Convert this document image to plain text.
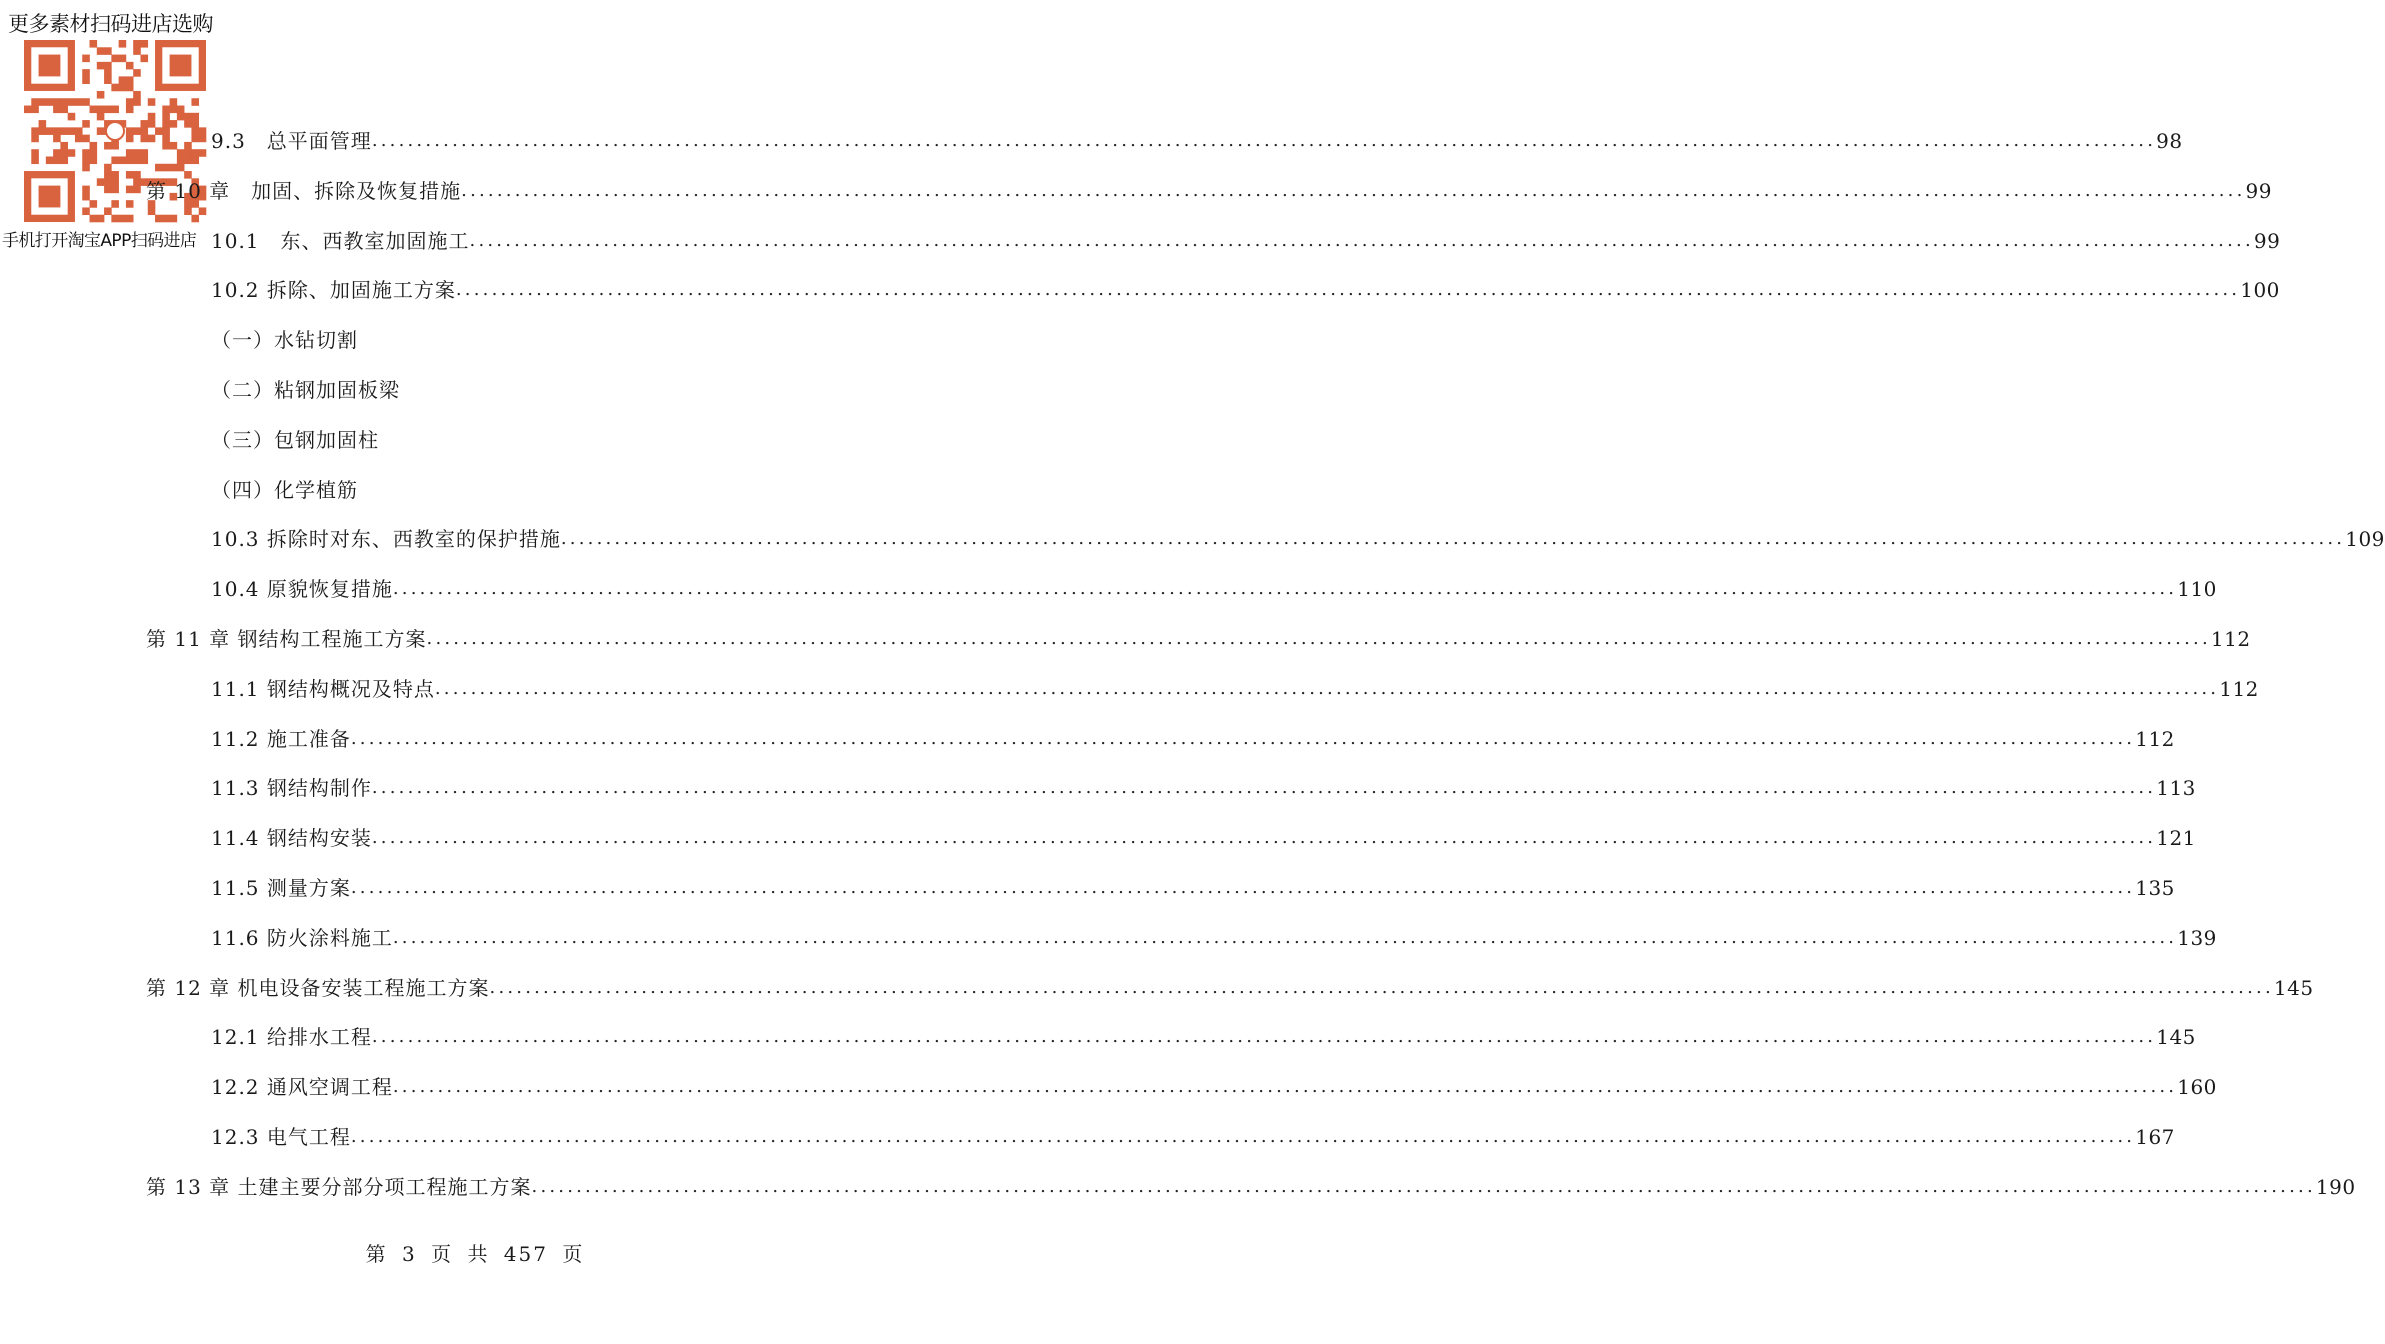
更多素材扫码进店选购
手机打开淘宝APP扫码进店
9.3　总平面管理 ........................................................................................................................................................................................................ 98
第 10 章　加固、拆除及恢复措施 ........................................................................................................................................................................................................ 99
10.1　东、西教室加固施工 ........................................................................................................................................................................................................ 99
10.2 拆除、加固施工方案 ........................................................................................................................................................................................................ 100
（一）水钻切割
（二）粘钢加固板梁
（三）包钢加固柱
（四）化学植筋
10.3 拆除时对东、西教室的保护措施 ........................................................................................................................................................................................................ 109
10.4 原貌恢复措施 ........................................................................................................................................................................................................ 110
第 11 章 钢结构工程施工方案 ........................................................................................................................................................................................................ 112
11.1 钢结构概况及特点 ........................................................................................................................................................................................................ 112
11.2 施工准备 ........................................................................................................................................................................................................ 112
11.3 钢结构制作 ........................................................................................................................................................................................................ 113
11.4 钢结构安装 ........................................................................................................................................................................................................ 121
11.5 测量方案 ........................................................................................................................................................................................................ 135
11.6 防火涂料施工 ........................................................................................................................................................................................................ 139
第 12 章 机电设备安装工程施工方案 ........................................................................................................................................................................................................ 145
12.1 给排水工程 ........................................................................................................................................................................................................ 145
12.2 通风空调工程 ........................................................................................................................................................................................................ 160
12.3 电气工程 ........................................................................................................................................................................................................ 167
第 13 章 土建主要分部分项工程施工方案 ........................................................................................................................................................................................................ 190
第 3 页 共 457 页
